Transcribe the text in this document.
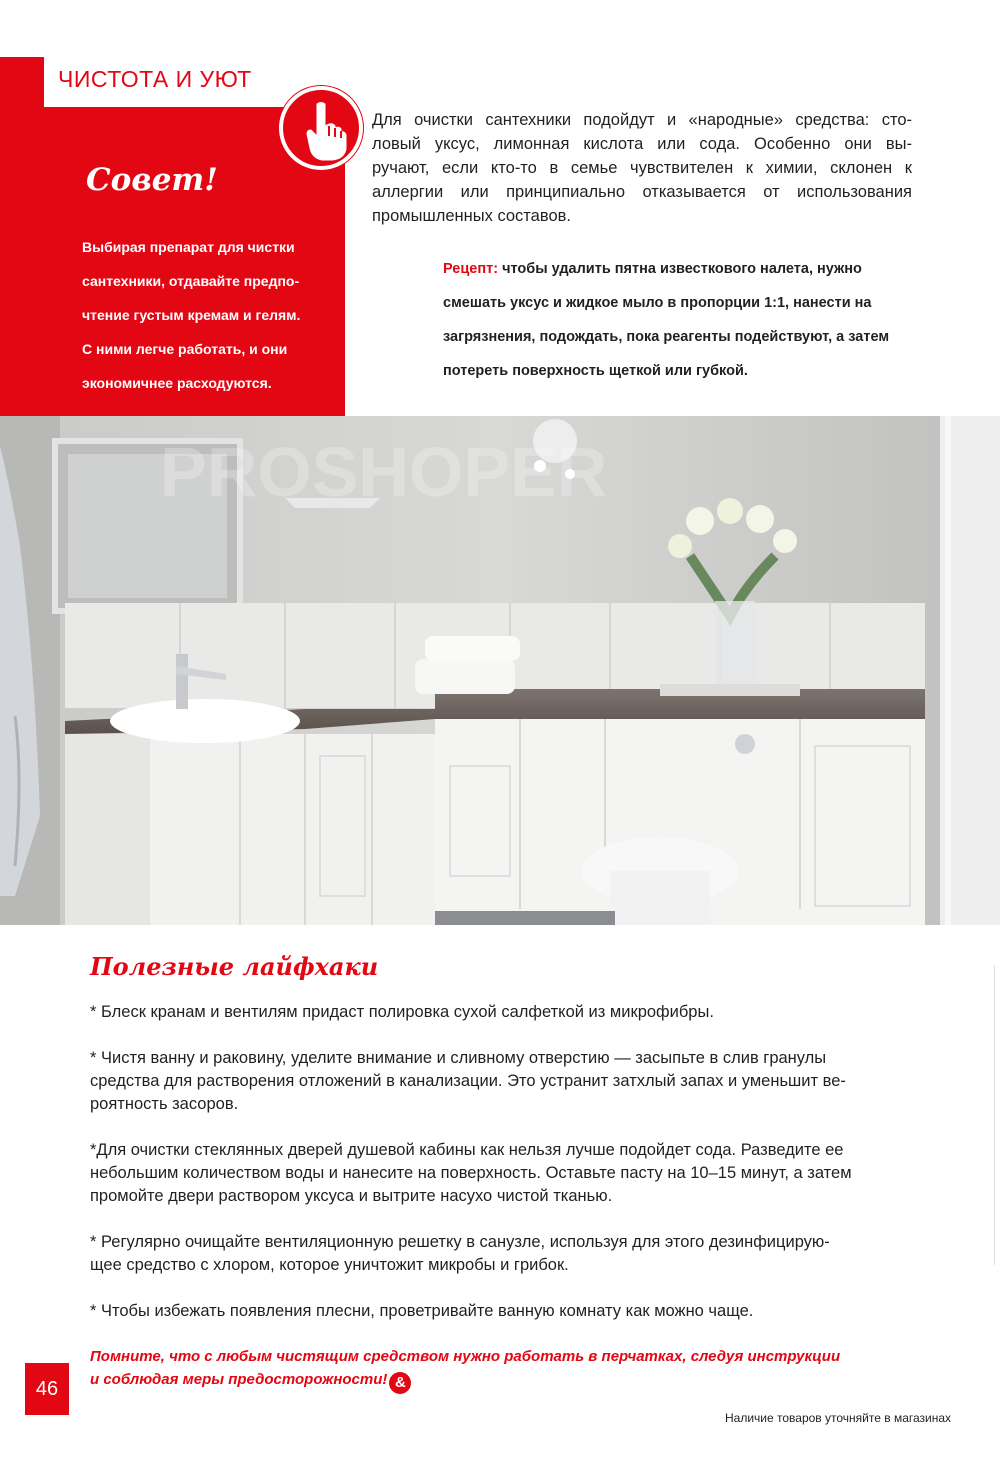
ЧИСТОТА И УЮТ
Совет!
Выбирая препарат для чистки
сантехники, отдавайте предпо-
чтение густым кремам и гелям.
С ними легче работать, и они
экономичнее расходуются.
Для очистки сантехники подойдут и «народные» средства: сто-
ловый уксус, лимонная кислота или сода. Особенно они вы-
ручают, если кто-то в семье чувствителен к химии, склонен к
аллергии или принципиально отказывается от использования
промышленных составов.
Рецепт: чтобы удалить пятна известкового налета, нужно
смешать уксус и жидкое мыло в пропорции 1:1, нанести на
загрязнения, подождать, пока реагенты подействуют, а затем
потереть поверхность щеткой или губкой.
PROSHOPER
Полезные лайфхаки

* Блеск кранам и вентилям придаст полировка сухой салфеткой из микрофибры.

* Чистя ванну и раковину, уделите внимание и сливному отверстию — засыпьте в слив гранулы
средства для растворения отложений в канализации. Это устранит затхлый запах и уменьшит ве-
роятность засоров.

*Для очистки стеклянных дверей душевой кабины как нельзя лучше подойдет сода. Разведите ее
небольшим количеством воды и нанесите на поверхность. Оставьте пасту на 10–15 минут, а затем
промойте двери раствором уксуса и вытрите насухо чистой тканью.

* Регулярно очищайте вентиляционную решетку в санузле, используя для этого дезинфицирую-
щее средство с хлором, которое уничтожит микробы и грибок.

* Чтобы избежать появления плесни, проветривайте ванную комнату как можно чаще.

Помните, что с любым чистящим средством нужно работать в перчатках, следуя инструкции
и соблюдая меры предосторожности! &
46
Наличие товаров уточняйте в магазинах
